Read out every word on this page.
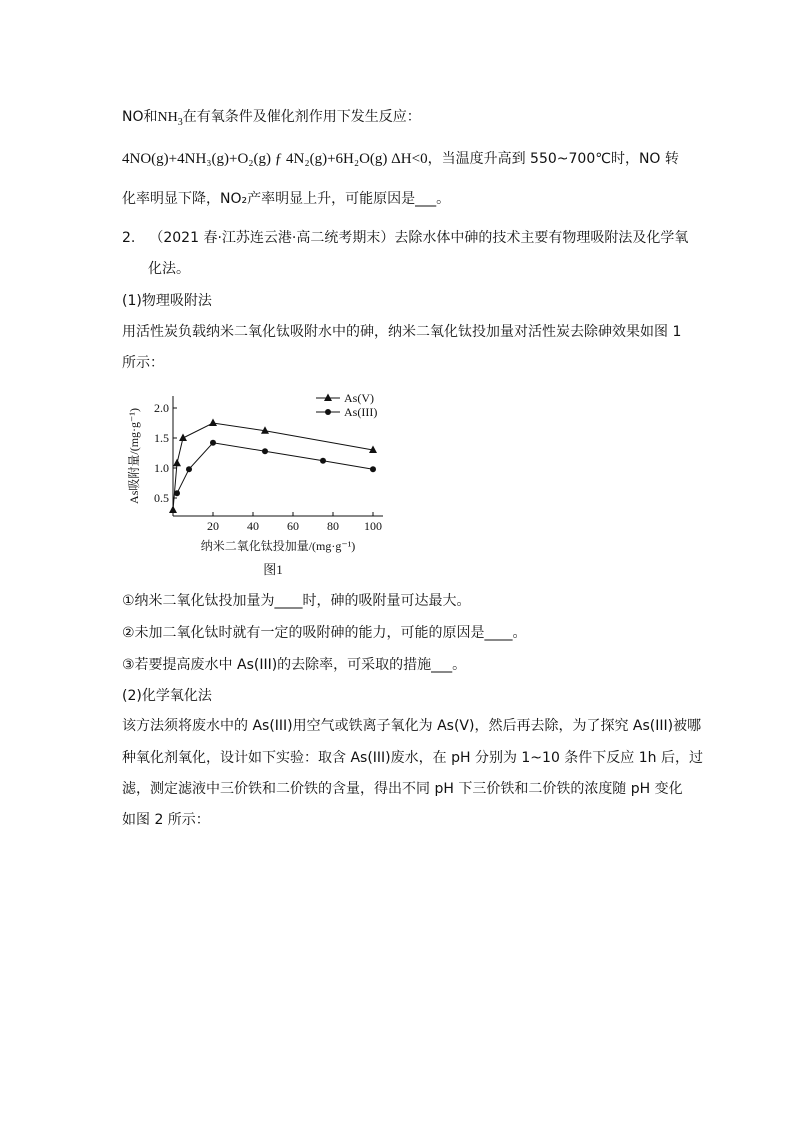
NO和$NH_3$在有氧条件及催化剂作用下发生反应：
4NO(g)+4NH₃(g)+O₂(g) ƒ 4N₂(g)+6H₂O(g) ΔH<0，当温度升高到 550~700℃时，NO 转
化率明显下降，NO₂产率明显上升，可能原因是___。
2. （2021 春·江苏连云港·高二统考期末）去除水体中砷的技术主要有物理吸附法及化学氧
化法。
(1)物理吸附法
用活性炭负载纳米二氧化钛吸附水中的砷，纳米二氧化钛投加量对活性炭去除砷效果如图 1
所示：
20 40 60 80 100
0.5
1.0
1.5
2.0
纳米二氧化钛投加量/(mg·g⁻¹)
As吸附量/(mg·g⁻¹)
图1
As(V)
As(III)
①纳米二氧化钛投加量为____时，砷的吸附量可达最大。
②未加二氧化钛时就有一定的吸附砷的能力，可能的原因是____。
③若要提高废水中 As(III)的去除率，可采取的措施___。
(2)化学氧化法
该方法须将废水中的 As(III)用空气或铁离子氧化为 As(V)，然后再去除，为了探究 As(III)被哪
种氧化剂氧化，设计如下实验：取含 As(III)废水，在 pH 分别为 1~10 条件下反应 1h 后，过
滤，测定滤液中三价铁和二价铁的含量，得出不同 pH 下三价铁和二价铁的浓度随 pH 变化
如图 2 所示：
